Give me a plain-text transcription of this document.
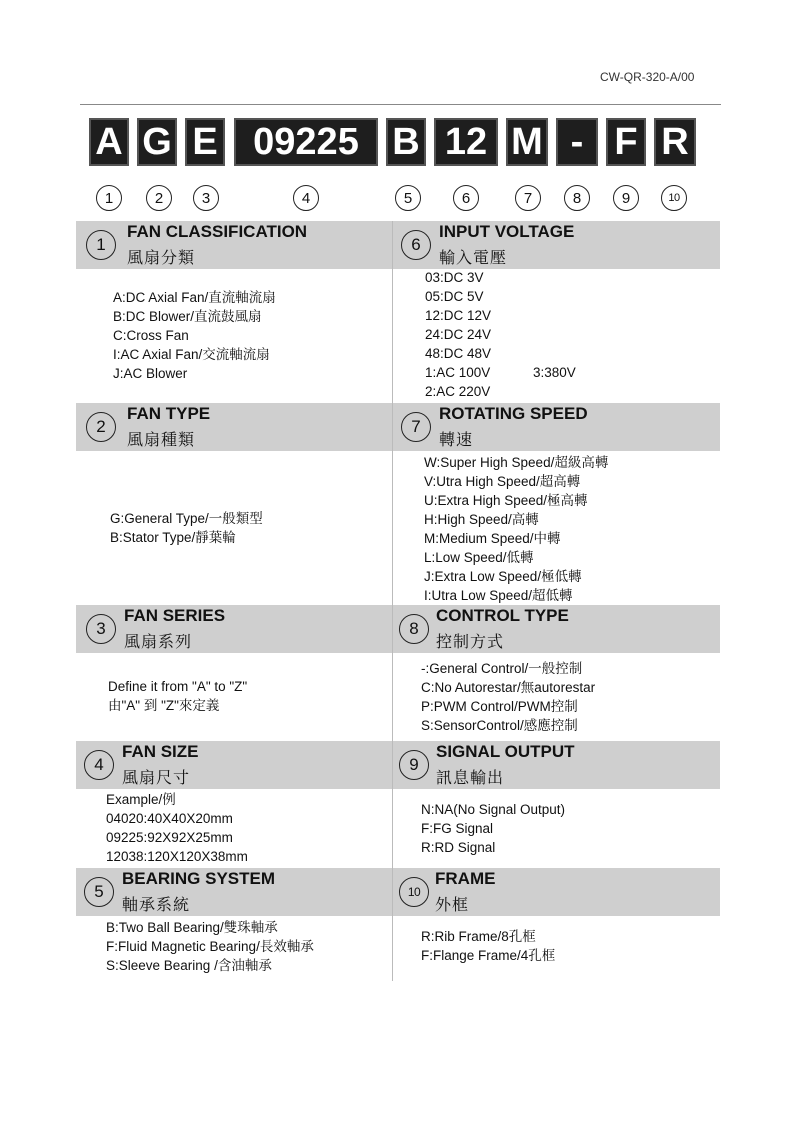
CW-QR-320-A/00
A G E 09225 B 12 M - F R
1	2	3	4	5	6	7	8	9	10
1
FAN CLASSIFICATION
風扇分類
A:DC Axial Fan/直流軸流扇
B:DC Blower/直流鼓風扇
C:Cross Fan
I:AC Axial Fan/交流軸流扇
J:AC Blower
2
FAN TYPE
風扇種類
G:General Type/一般類型
B:Stator Type/靜葉輪
3
FAN SERIES
風扇系列
Define it from "A" to "Z"
由"A" 到 "Z"來定義
4
FAN SIZE
風扇尺寸
Example/例
04020:40X40X20mm
09225:92X92X25mm
12038:120X120X38mm
5
BEARING SYSTEM
軸承系統
B:Two Ball Bearing/雙珠軸承
F:Fluid Magnetic Bearing/長效軸承
S:Sleeve Bearing /含油軸承
6
INPUT VOLTAGE
輸入電壓
03:DC 3V
05:DC 5V
12:DC 12V
24:DC 24V
48:DC 48V
1:AC 100V	3:380V
2:AC 220V
7
ROTATING SPEED
轉速
W:Super High Speed/超級高轉
V:Utra High Speed/超高轉
U:Extra High Speed/極高轉
H:High Speed/高轉
M:Medium Speed/中轉
L:Low Speed/低轉
J:Extra Low Speed/極低轉
I:Utra Low Speed/超低轉
8
CONTROL TYPE
控制方式
-:General Control/一般控制
C:No Autorestar/無autorestar
P:PWM Control/PWM控制
S:SensorControl/感應控制
9
SIGNAL OUTPUT
訊息輸出
N:NA(No Signal Output)
F:FG Signal
R:RD Signal
10
FRAME
外框
R:Rib Frame/8孔框
F:Flange Frame/4孔框
